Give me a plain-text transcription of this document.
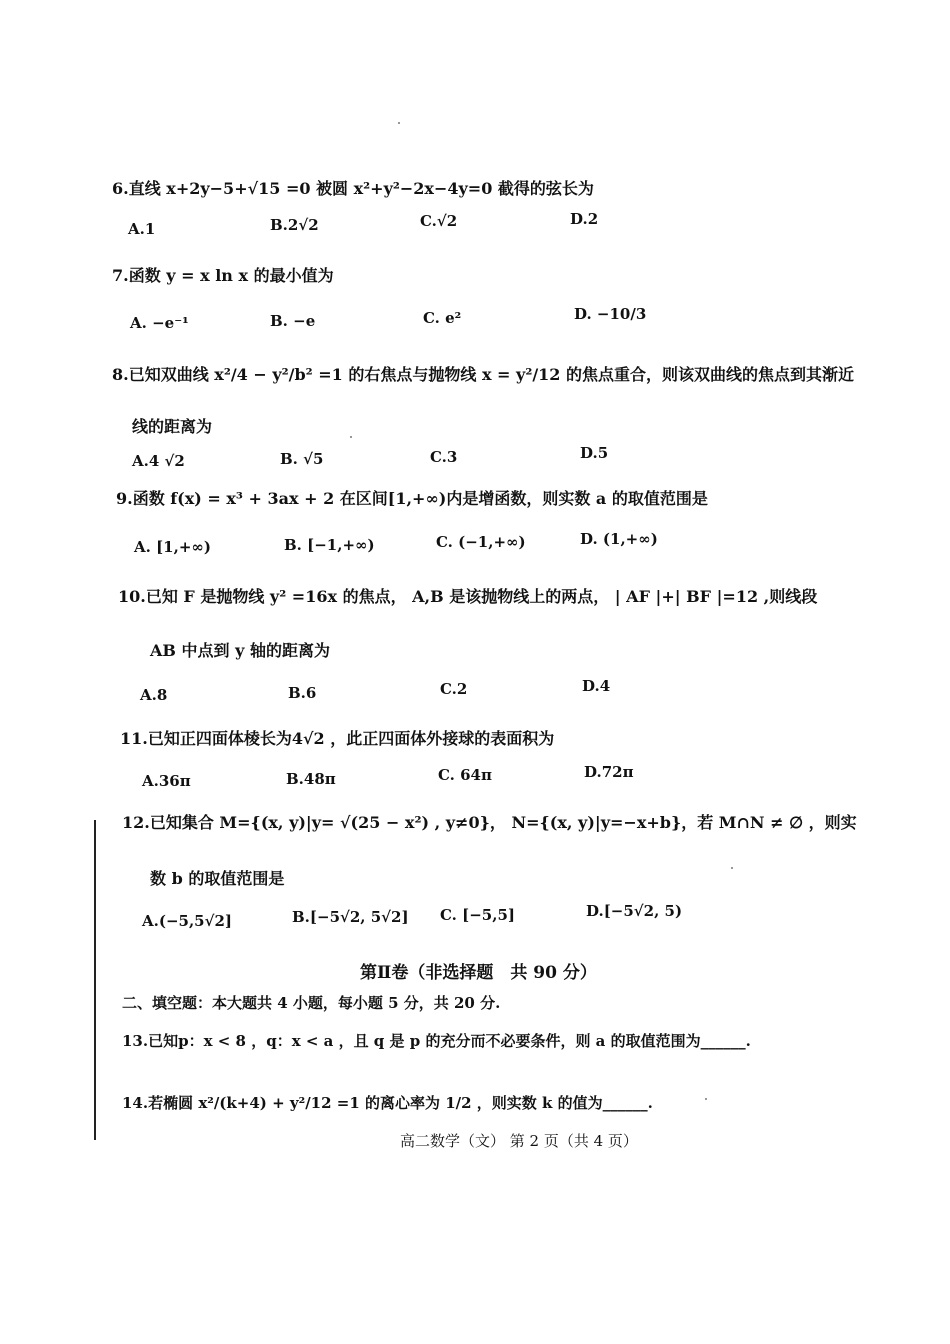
6.直线 x+2y−5+√15 =0 被圆 x²+y²−2x−4y=0 截得的弦长为
A.1	B.2√2	C.√2	D.2
7.函数 y = x ln x 的最小值为
A. −e⁻¹	B. −e	C. e²	D. −10/3
8.已知双曲线 x²/4 − y²/b² =1 的右焦点与抛物线 x = y²/12 的焦点重合，则该双曲线的焦点到其渐近
线的距离为
A.4 √2	B. √5	C.3	D.5
9.函数 f(x) = x³ + 3ax + 2 在区间[1,+∞)内是增函数，则实数 a 的取值范围是
A. [1,+∞)	B. [−1,+∞)	C. (−1,+∞)	D. (1,+∞)
10.已知 F 是抛物线 y² =16x 的焦点， A,B 是该抛物线上的两点， | AF |+| BF |=12 ,则线段
AB 中点到 y 轴的距离为
A.8	B.6	C.2	D.4
11.已知正四面体棱长为4√2 ，此正四面体外接球的表面积为
A.36π	B.48π	C. 64π	D.72π
12.已知集合 M={(x, y)|y= √(25 − x²) , y≠0}， N={(x, y)|y=−x+b}，若 M∩N ≠ ∅ ，则实
数 b 的取值范围是
A.(−5,5√2]	B.[−5√2, 5√2] C. [−5,5]	D.[−5√2, 5)
第Ⅱ卷（非选择题　共 90 分）
二、填空题：本大题共 4 小题，每小题 5 分，共 20 分.
13.已知p：x < 8 ，q：x < a ，且 q 是 p 的充分而不必要条件，则 a 的取值范围为______.
14.若椭圆 x²/(k+4) + y²/12 =1 的离心率为 1/2 ，则实数 k 的值为______.
高二数学（文） 第 2 页（共 4 页）
